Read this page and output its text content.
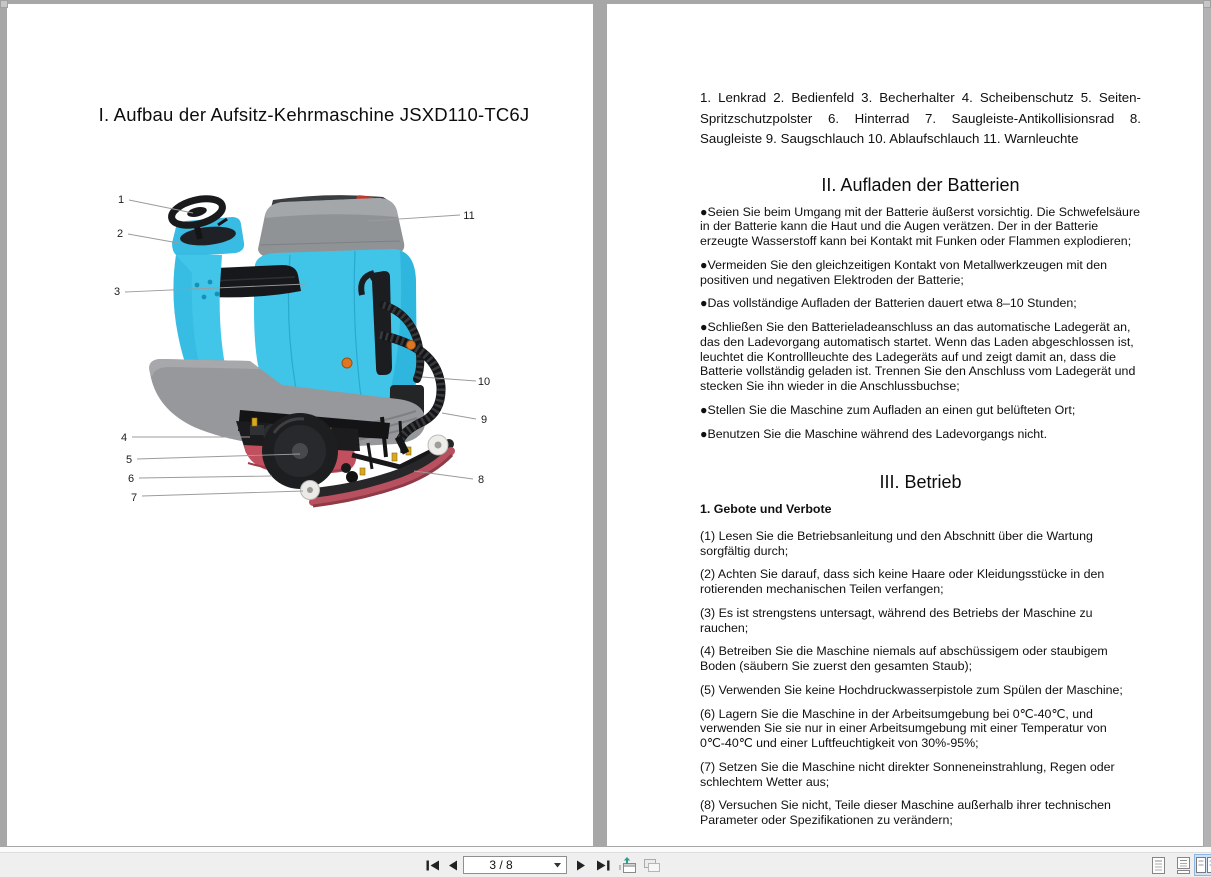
I. Aufbau der Aufsitz-Kehrmaschine JSXD110-TC6J
1
2
3
4
5
6
7
8
9
10
11

1. Lenkrad 2. Bedienfeld 3. Becherhalter 4. Scheibenschutz 5. Seiten-Spritzschutzpolster 6. Hinterrad 7. Saugleiste-Antikollisionsrad 8. Saugleiste 9. Saugschlauch 10. Ablaufschlauch 11. Warnleuchte

II. Aufladen der Batterien

●Seien Sie beim Umgang mit der Batterie äußerst vorsichtig. Die Schwefelsäure in der Batterie kann die Haut und die Augen verätzen. Der in der Batterie erzeugte Wasserstoff kann bei Kontakt mit Funken oder Flammen explodieren;

●Vermeiden Sie den gleichzeitigen Kontakt von Metallwerkzeugen mit den positiven und negativen Elektroden der Batterie;

●Das vollständige Aufladen der Batterien dauert etwa 8–10 Stunden;

●Schließen Sie den Batterieladeanschluss an das automatische Ladegerät an, das den Ladevorgang automatisch startet. Wenn das Laden abgeschlossen ist, leuchtet die Kontrollleuchte des Ladegeräts auf und zeigt damit an, dass die Batterie vollständig geladen ist. Trennen Sie den Anschluss vom Ladegerät und stecken Sie ihn wieder in die Anschlussbuchse;

●Stellen Sie die Maschine zum Aufladen an einen gut belüfteten Ort;

●Benutzen Sie die Maschine während des Ladevorgangs nicht.

III. Betrieb

1. Gebote und Verbote

(1) Lesen Sie die Betriebsanleitung und den Abschnitt über die Wartung sorgfältig durch;

(2) Achten Sie darauf, dass sich keine Haare oder Kleidungsstücke in den rotierenden mechanischen Teilen verfangen;

(3) Es ist strengstens untersagt, während des Betriebs der Maschine zu rauchen;

(4) Betreiben Sie die Maschine niemals auf abschüssigem oder staubigem Boden (säubern Sie zuerst den gesamten Staub);

(5) Verwenden Sie keine Hochdruckwasserpistole zum Spülen der Maschine;

(6) Lagern Sie die Maschine in der Arbeitsumgebung bei 0℃-40℃, und verwenden Sie sie nur in einer Arbeitsumgebung mit einer Temperatur von 0℃-40℃ und einer Luftfeuchtigkeit von 30%-95%;

(7) Setzen Sie die Maschine nicht direkter Sonneneinstrahlung, Regen oder schlechtem Wetter aus;

(8) Versuchen Sie nicht, Teile dieser Maschine außerhalb ihrer technischen Parameter oder Spezifikationen zu verändern;

3 / 8
